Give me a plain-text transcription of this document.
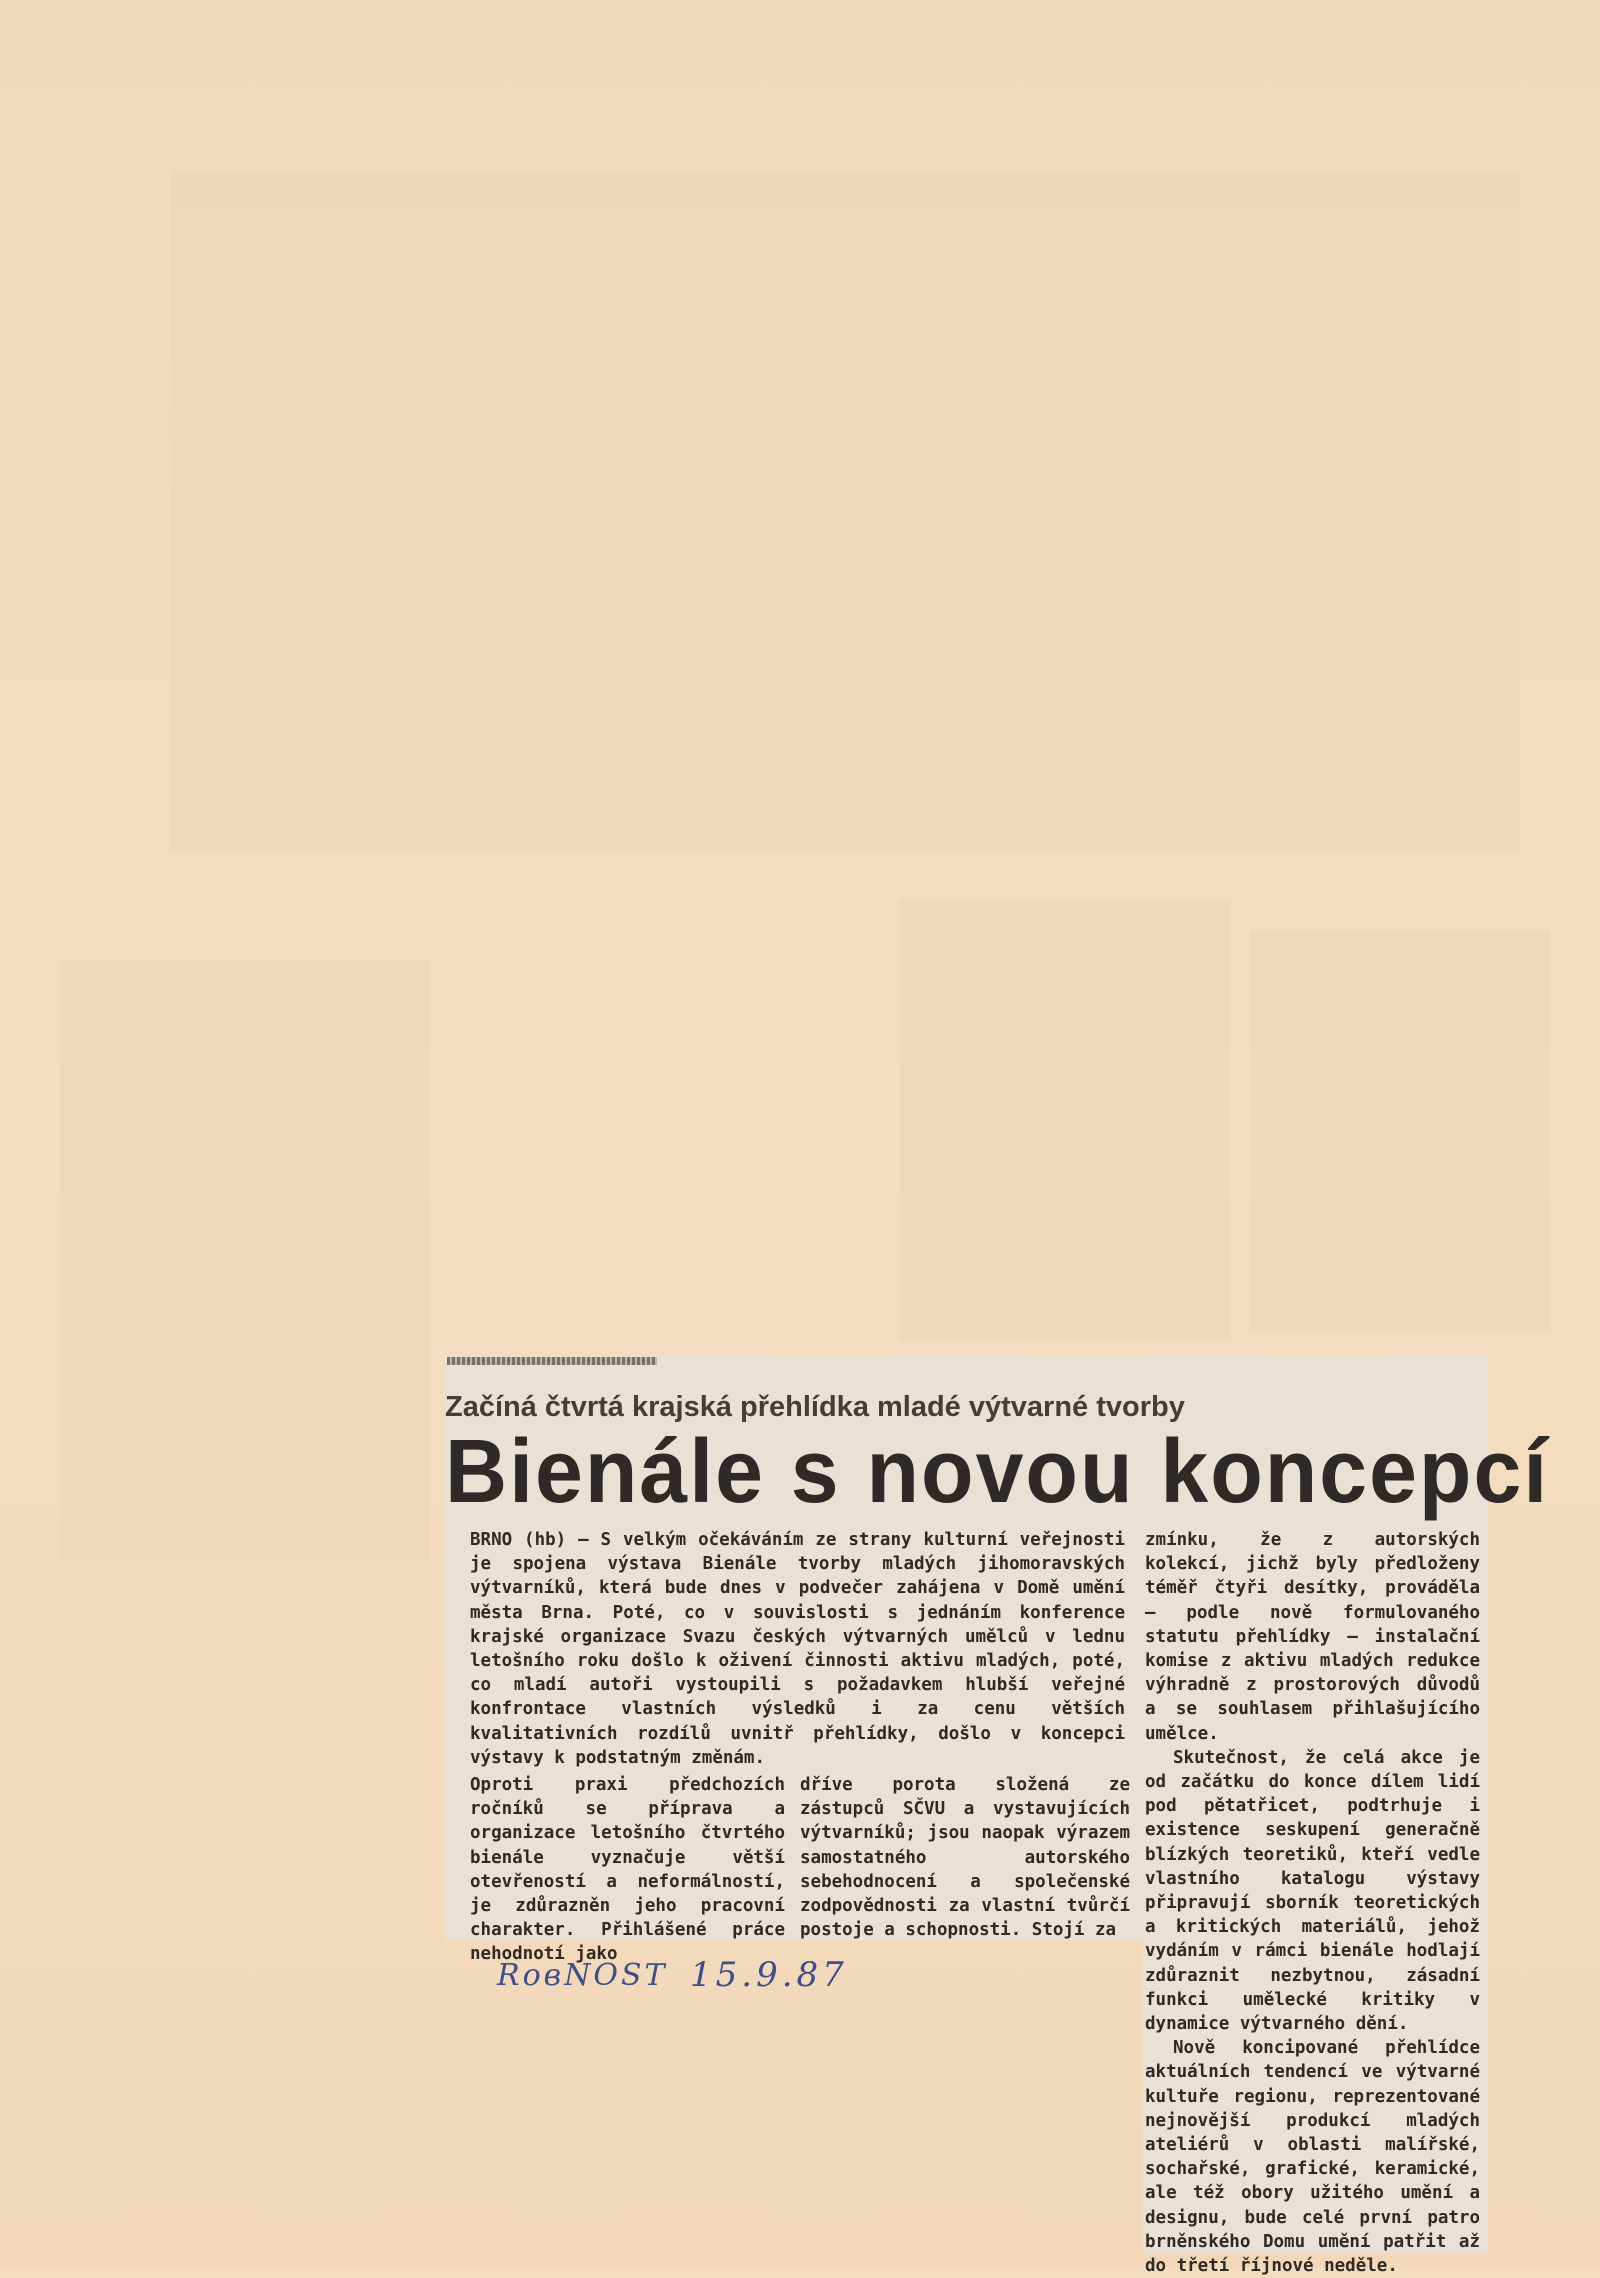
Začíná čtvrtá krajská přehlídka mladé výtvarné tvorby
Bienále s novou koncepcí

BRNO (hb) — S velkým očekáváním ze strany kulturní veřejnosti je spojena výstava Bienále tvorby mladých jihomoravských výtvarníků, která bude dnes v podvečer zahájena v Domě umění města Brna. Poté, co v souvislosti s jednáním konference krajské organizace Svazu českých výtvarných umělců v lednu letošního roku došlo k oživení činnosti aktivu mladých, poté, co mladí autoři vystoupili s požadavkem hlubší veřejné konfrontace vlastních výsledků i za cenu větších kvalitativních rozdílů uvnitř přehlídky, došlo v koncepci výstavy k podstatným změnám.

Oproti praxi předchozích ročníků se příprava a organizace letošního čtvrtého bienále vyznačuje větší otevřeností a neformálností, je zdůrazněn jeho pracovní charakter. Přihlášené práce nehodnotí jako

dříve porota složená ze zástupců SČVU a vystavujících výtvarníků; jsou naopak výrazem samostatného autorského sebehodnocení a společenské zodpovědnosti za vlastní tvůrčí postoje a schopnosti. Stojí za

zmínku, že z autorských kolekcí, jichž byly předloženy téměř čtyři desítky, prováděla — podle nově formulovaného statutu přehlídky — instalační komise z aktivu mladých redukce výhradně z prostorových důvodů a se souhlasem přihlašujícího umělce.

Skutečnost, že celá akce je od začátku do konce dílem lidí pod pětatřicet, podtrhuje i existence seskupení generačně blízkých teoretiků, kteří vedle vlastního katalogu výstavy připravují sborník teoretických a kritických materiálů, jehož vydáním v rámci bienále hodlají zdůraznit nezbytnou, zásadní funkci umělecké kritiky v dynamice výtvarného dění.

Nově koncipované přehlídce aktuálních tendencí ve výtvarné kultuře regionu, reprezentované nejnovější produkcí mladých ateliérů v oblasti malířské, sochařské, grafické, keramické, ale též obory užitého umění a designu, bude celé první patro brněnského Domu umění patřit až do třetí říjnové neděle.

RовNOST 15.9.87
